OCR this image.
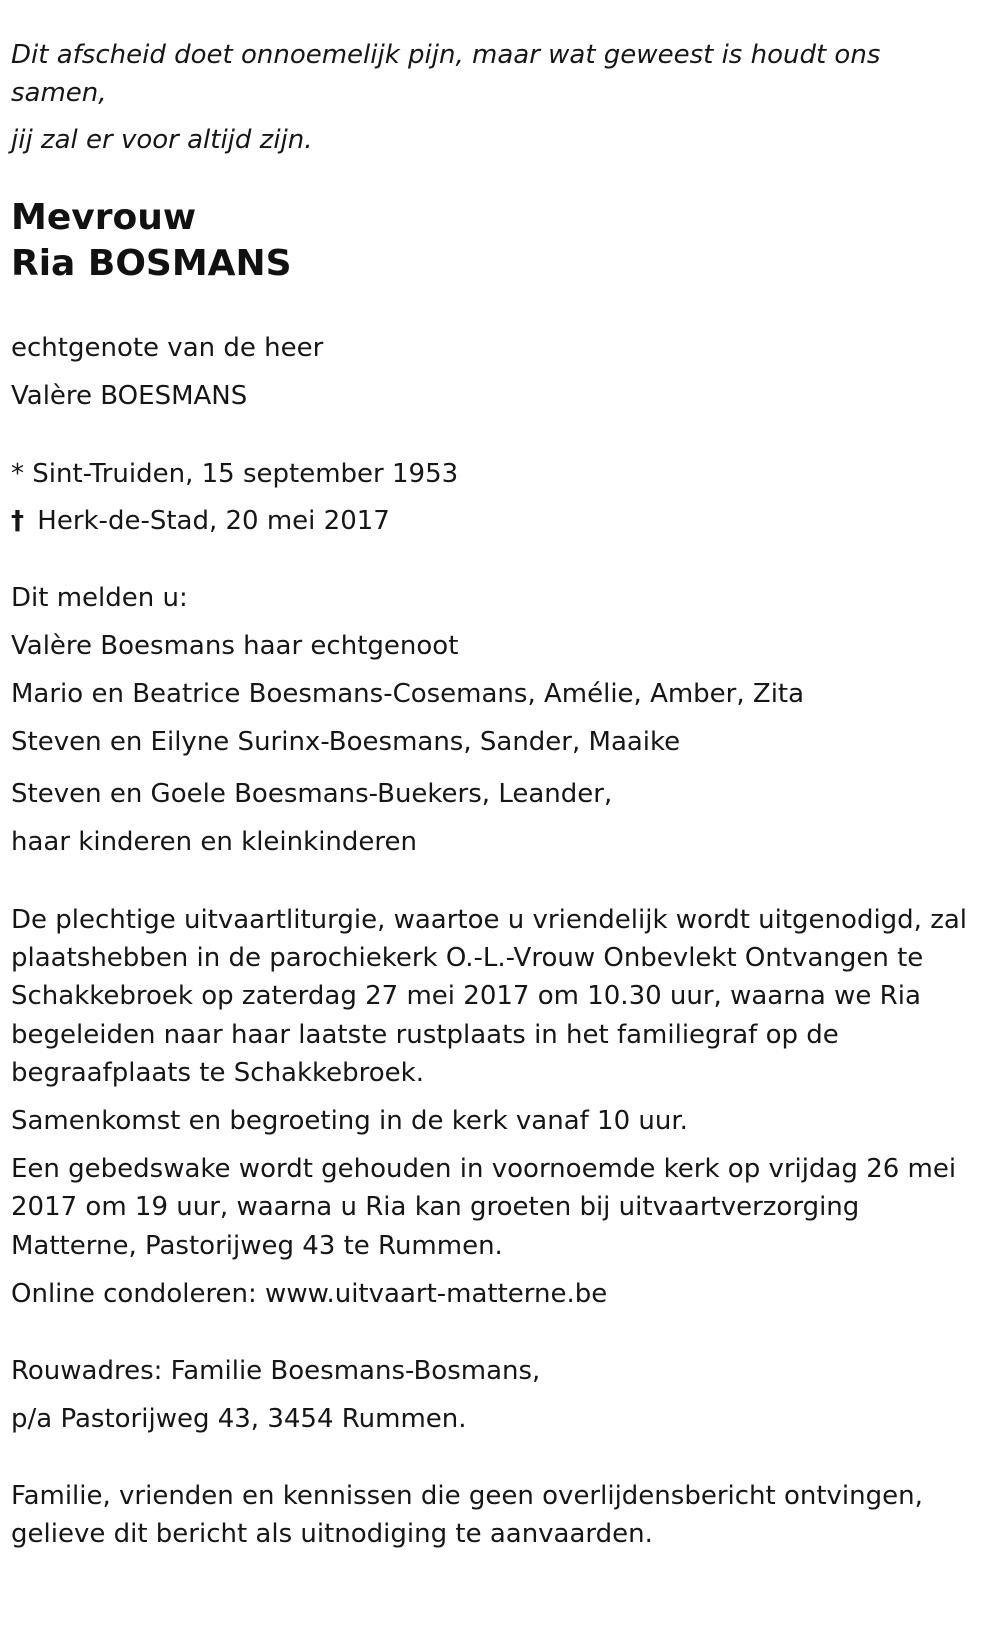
Dit afscheid doet onnoemelijk pijn, maar wat geweest is houdt ons
samen,
jij zal er voor altijd zijn.
Mevrouw
Ria BOSMANS
echtgenote van de heer
Valère BOESMANS
* Sint-Truiden, 15 september 1953
† Herk-de-Stad, 20 mei 2017
Dit melden u:
Valère Boesmans haar echtgenoot
Mario en Beatrice Boesmans-Cosemans, Amélie, Amber, Zita
Steven en Eilyne Surinx-Boesmans, Sander, Maaike
Steven en Goele Boesmans-Buekers, Leander,
haar kinderen en kleinkinderen
De plechtige uitvaartliturgie, waartoe u vriendelijk wordt uitgenodigd, zal
plaatshebben in de parochiekerk O.-L.-Vrouw Onbevlekt Ontvangen te
Schakkebroek op zaterdag 27 mei 2017 om 10.30 uur, waarna we Ria
begeleiden naar haar laatste rustplaats in het familiegraf op de
begraafplaats te Schakkebroek.
Samenkomst en begroeting in de kerk vanaf 10 uur.
Een gebedswake wordt gehouden in voornoemde kerk op vrijdag 26 mei
2017 om 19 uur, waarna u Ria kan groeten bij uitvaartverzorging
Matterne, Pastorijweg 43 te Rummen.
Online condoleren: www.uitvaart-matterne.be
Rouwadres: Familie Boesmans-Bosmans,
p/a Pastorijweg 43, 3454 Rummen.
Familie, vrienden en kennissen die geen overlijdensbericht ontvingen,
gelieve dit bericht als uitnodiging te aanvaarden.
